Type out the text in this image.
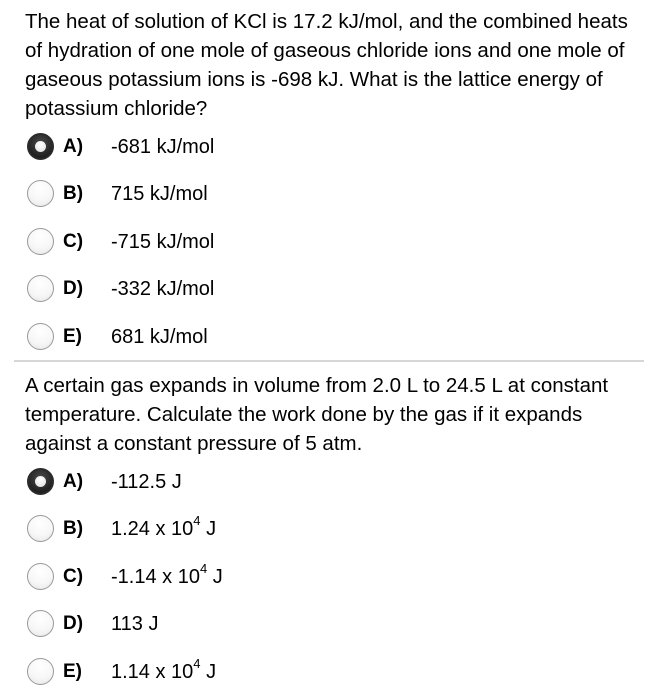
The heat of solution of KCl is 17.2 kJ/mol, and the combined heats of hydration of one mole of gaseous chloride ions and one mole of gaseous potassium ions is -698 kJ. What is the lattice energy of potassium chloride?

A) -681 kJ/mol
B) 715 kJ/mol
C) -715 kJ/mol
D) -332 kJ/mol
E) 681 kJ/mol

A certain gas expands in volume from 2.0 L to 24.5 L at constant temperature. Calculate the work done by the gas if it expands against a constant pressure of 5 atm.

A) -112.5 J
B) 1.24 x $10^4$ J
C) -1.14 x $10^4$ J
D) 113 J
E) 1.14 x $10^4$ J
